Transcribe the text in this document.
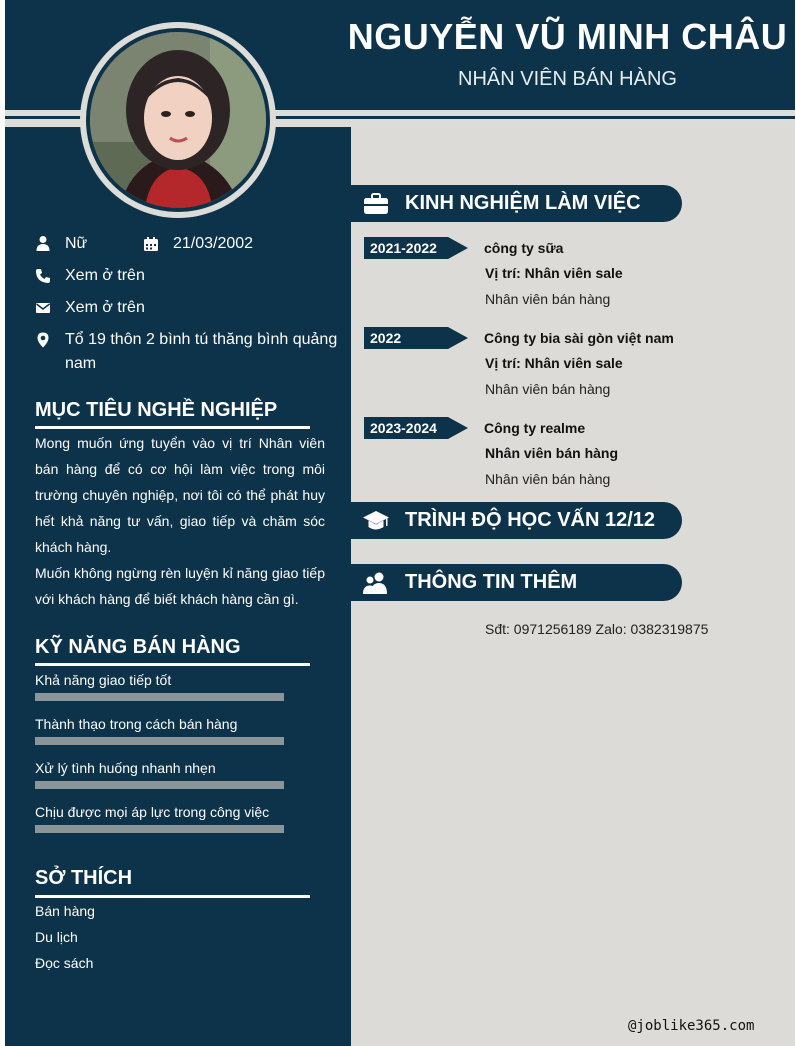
NGUYỄN VŨ MINH CHÂU
NHÂN VIÊN BÁN HÀNG
Nữ	21/03/2002
Xem ở trên
Xem ở trên
Tổ 19 thôn 2 bình tú thăng bình quảng nam
MỤC TIÊU NGHỀ NGHIỆP
Mong muốn ứng tuyển vào vị trí Nhân viên bán hàng để có cơ hội làm việc trong môi trường chuyên nghiệp, nơi tôi có thể phát huy hết khả năng tư vấn, giao tiếp và chăm sóc khách hàng.
Muốn không ngừng rèn luyện kỉ năng giao tiếp với khách hàng để biết khách hàng cần gì.
KỸ NĂNG BÁN HÀNG
Khả năng giao tiếp tốt
Thành thạo trong cách bán hàng
Xử lý tình huống nhanh nhẹn
Chịu được mọi áp lực trong công việc
SỞ THÍCH
Bán hàng
Du lịch
Đọc sách
KINH NGHIỆM LÀM VIỆC
2021-2022	công ty sữa
Vị trí: Nhân viên sale
Nhân viên bán hàng
2022	Công ty bia sài gòn việt nam
Vị trí: Nhân viên sale
Nhân viên bán hàng
2023-2024	Công ty realme
Nhân viên bán hàng
Nhân viên bán hàng
TRÌNH ĐỘ HỌC VẤN 12/12
THÔNG TIN THÊM
Sđt: 0971256189 Zalo: 0382319875
@joblike365.com
